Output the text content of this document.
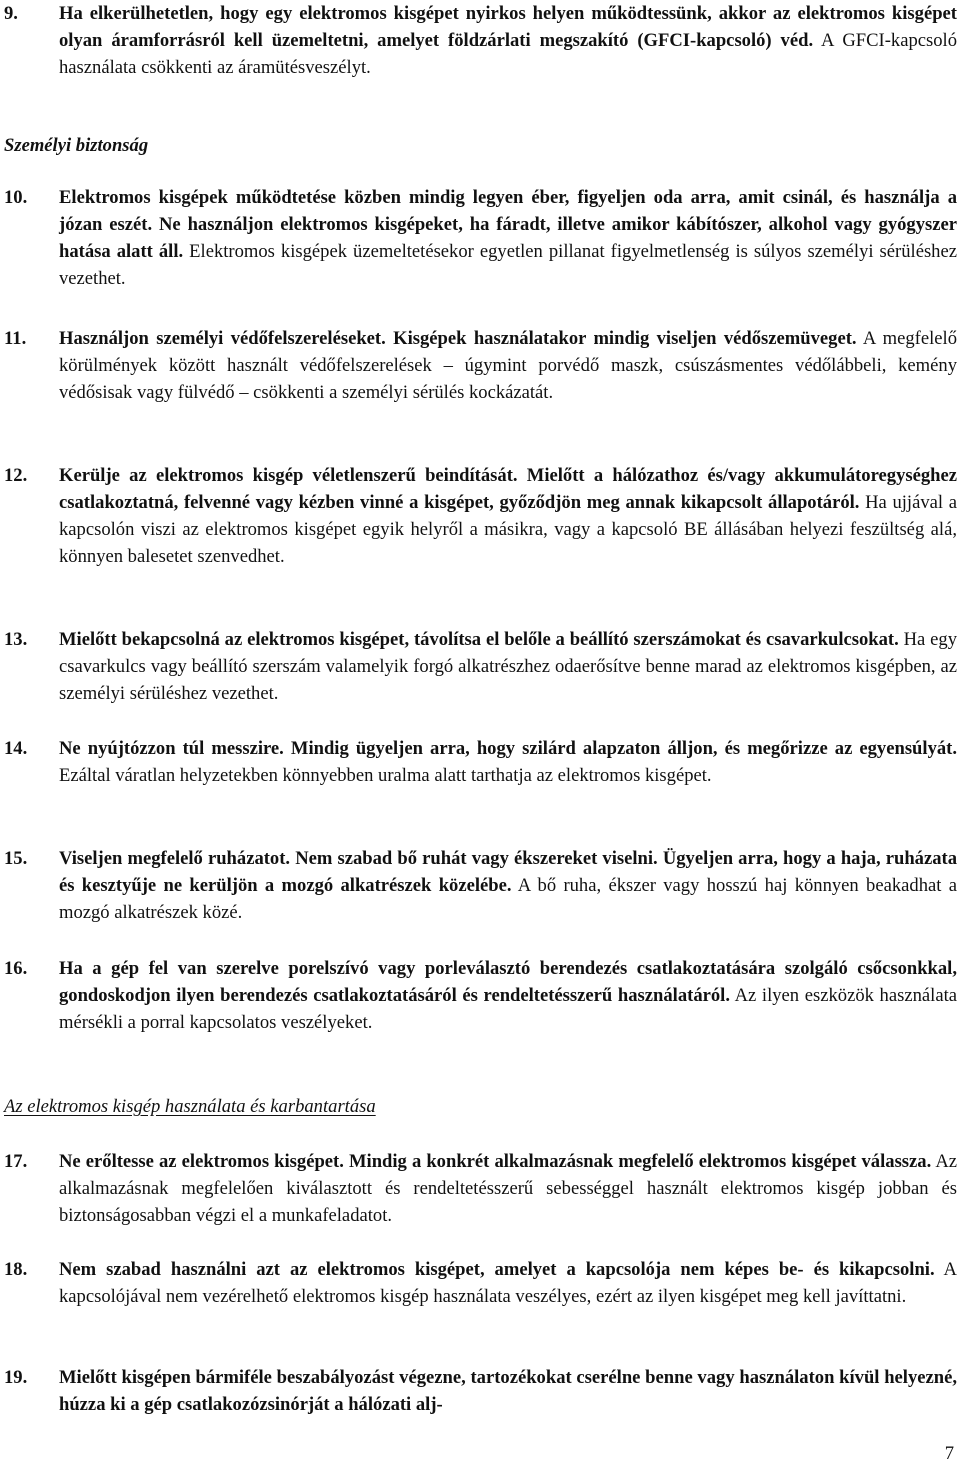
9. Ha elkerülhetetlen, hogy egy elektromos kisgépet nyirkos helyen működtessünk, akkor az elektromos kisgépet olyan áramforrásról kell üzemeltetni, amelyet földzárlati megszakító (GFCI-kapcsoló) véd. A GFCI-kapcsoló használata csökkenti az áramütésveszélyt.
Személyi biztonság
10. Elektromos kisgépek működtetése közben mindig legyen éber, figyeljen oda arra, amit csinál, és használja a józan eszét. Ne használjon elektromos kisgépeket, ha fáradt, illetve amikor kábítószer, alkohol vagy gyógyszer hatása alatt áll. Elektromos kisgépek üzemeltetésekor egyetlen pillanat figyelmetlenség is súlyos személyi sérüléshez vezethet.
11. Használjon személyi védőfelszereléseket. Kisgépek használatakor mindig viseljen védőszemüveget. A megfelelő körülmények között használt védőfelszerelések – úgymint porvédő maszk, csúszásmentes védőlábbeli, kemény védősisak vagy fülvédő – csökkenti a személyi sérülés kockázatát.
12. Kerülje az elektromos kisgép véletlenszerű beindítását. Mielőtt a hálózathoz és/vagy akkumulátoregységhez csatlakoztatná, felvenné vagy kézben vinné a kisgépet, győződjön meg annak kikapcsolt állapotáról. Ha ujjával a kapcsolón viszi az elektromos kisgépet egyik helyről a másikra, vagy a kapcsoló BE állásában helyezi feszültség alá, könnyen balesetet szenvedhet.
13. Mielőtt bekapcsolná az elektromos kisgépet, távolítsa el belőle a beállító szerszámokat és csavarkulcsokat. Ha egy csavarkulcs vagy beállító szerszám valamelyik forgó alkatrészhez odaerősítve benne marad az elektromos kisgépben, az személyi sérüléshez vezethet.
14. Ne nyújtózzon túl messzire. Mindig ügyeljen arra, hogy szilárd alapzaton álljon, és megőrizze az egyensúlyát. Ezáltal váratlan helyzetekben könnyebben uralma alatt tarthatja az elektromos kisgépet.
15. Viseljen megfelelő ruházatot. Nem szabad bő ruhát vagy ékszereket viselni. Ügyeljen arra, hogy a haja, ruházata és kesztyűje ne kerüljön a mozgó alkatrészek közelébe. A bő ruha, ékszer vagy hosszú haj könnyen beakadhat a mozgó alkatrészek közé.
16. Ha a gép fel van szerelve porelszívó vagy porleválasztó berendezés csatlakoztatására szolgáló csőcsonkkal, gondoskodjon ilyen berendezés csatlakoztatásáról és rendeltetésszerű használatáról. Az ilyen eszközök használata mérsékli a porral kapcsolatos veszélyeket.
Az elektromos kisgép használata és karbantartása
17. Ne erőltesse az elektromos kisgépet. Mindig a konkrét alkalmazásnak megfelelő elektromos kisgépet válassza. Az alkalmazásnak megfelelően kiválasztott és rendeltetésszerű sebességgel használt elektromos kisgép jobban és biztonságosabban végzi el a munkafeladatot.
18. Nem szabad használni azt az elektromos kisgépet, amelyet a kapcsolója nem képes be- és kikapcsolni. A kapcsolójával nem vezérelhető elektromos kisgép használata veszélyes, ezért az ilyen kisgépet meg kell javíttatni.
19. Mielőtt kisgépen bármiféle beszabályozást végezne, tartozékokat cserélne benne vagy használaton kívül helyezné, húzza ki a gép csatlakozózsinórját a hálózati alj-
7
